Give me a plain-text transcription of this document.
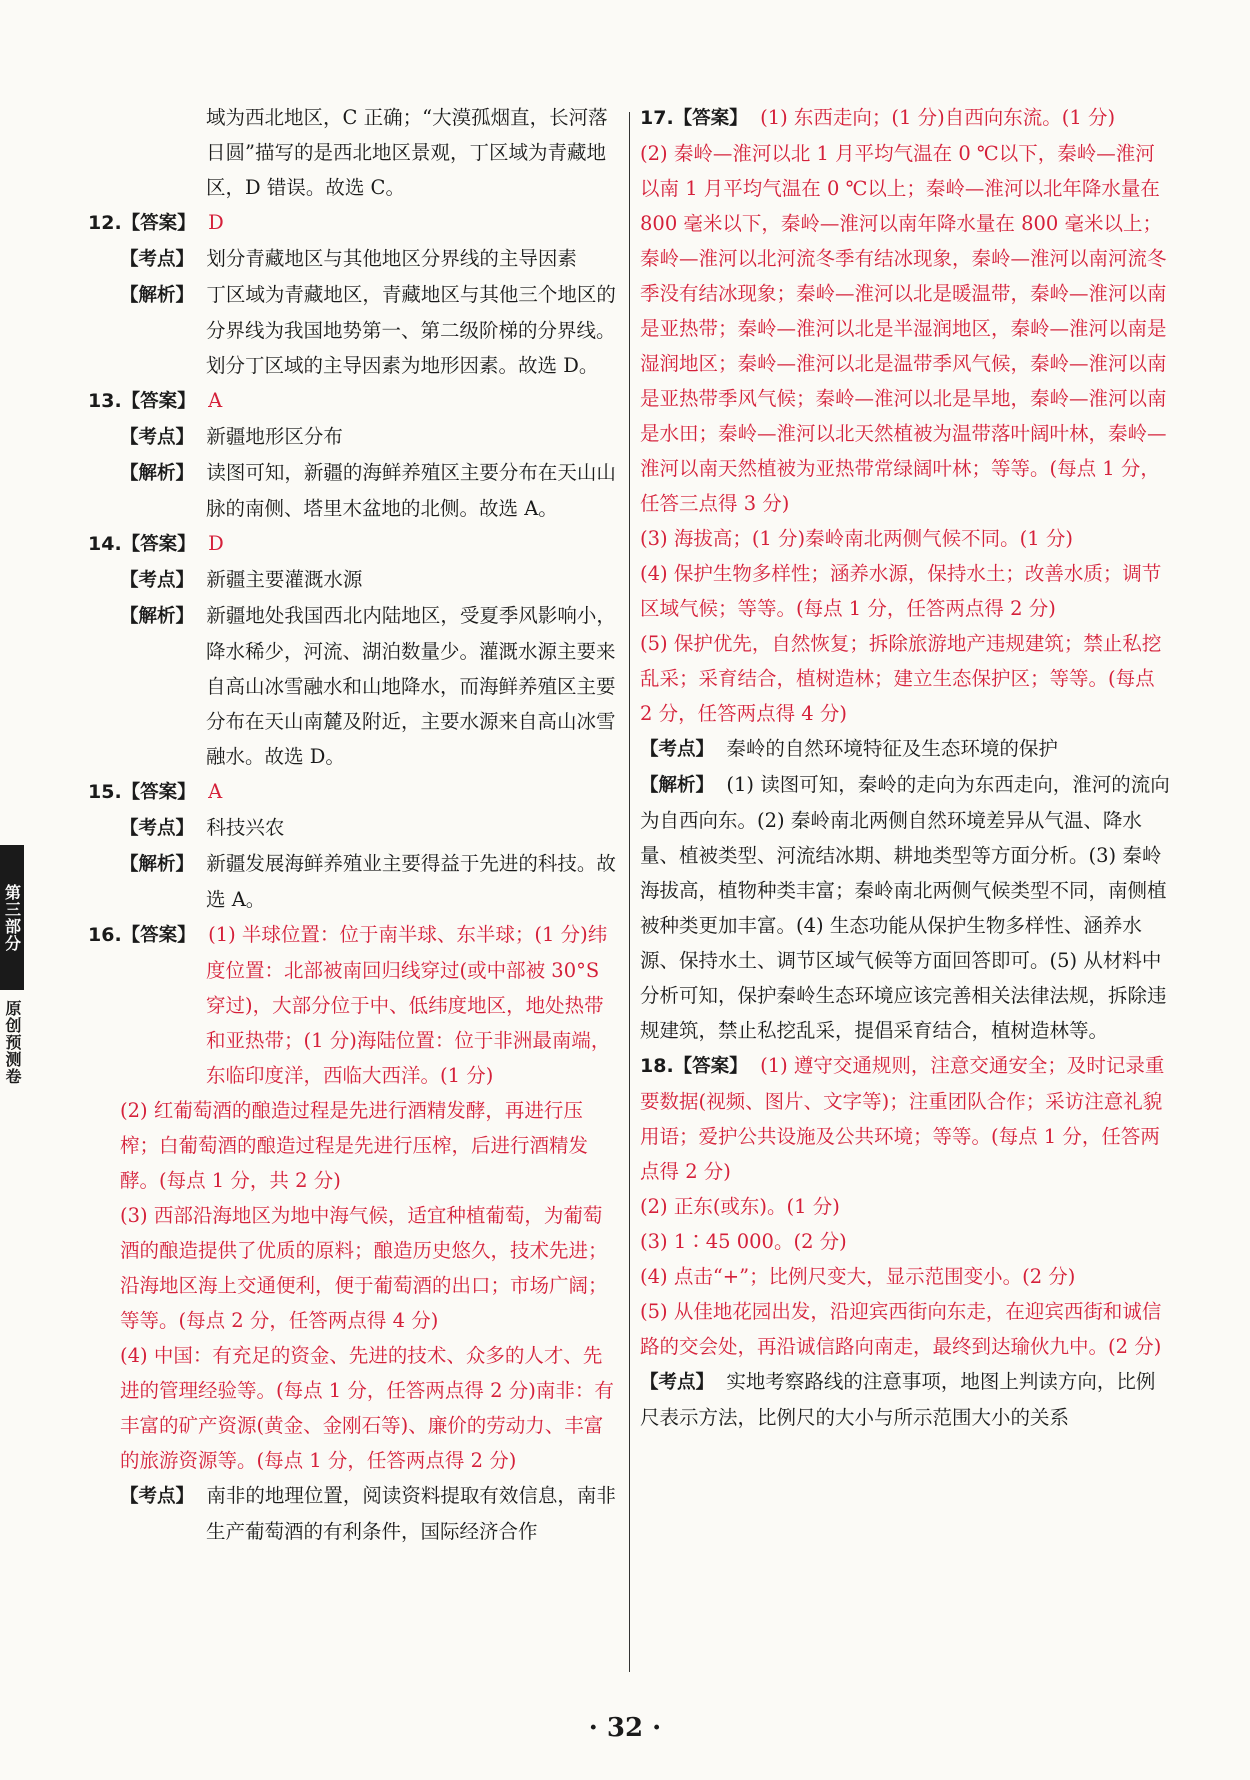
第三部分
原创预测卷

域为西北地区，C 正确；“大漠孤烟直，长河落日圆”描写的是西北地区景观，丁区域为青藏地区，D 错误。故选 C。

12.【答案】 D

【考点】 划分青藏地区与其他地区分界线的主导因素

【解析】 丁区域为青藏地区，青藏地区与其他三个地区的分界线为我国地势第一、第二级阶梯的分界线。划分丁区域的主导因素为地形因素。故选 D。

13.【答案】 A

【考点】 新疆地形区分布

【解析】 读图可知，新疆的海鲜养殖区主要分布在天山山脉的南侧、塔里木盆地的北侧。故选 A。

14.【答案】 D

【考点】 新疆主要灌溉水源

【解析】 新疆地处我国西北内陆地区，受夏季风影响小，降水稀少，河流、湖泊数量少。灌溉水源主要来自高山冰雪融水和山地降水，而海鲜养殖区主要分布在天山南麓及附近，主要水源来自高山冰雪融水。故选 D。

15.【答案】 A

【考点】 科技兴农

【解析】 新疆发展海鲜养殖业主要得益于先进的科技。故选 A。

16.【答案】 (1) 半球位置：位于南半球、东半球；(1 分)纬度位置：北部被南回归线穿过(或中部被 30°S 穿过)，大部分位于中、低纬度地区，地处热带和亚热带；(1 分)海陆位置：位于非洲最南端，东临印度洋，西临大西洋。(1 分)

(2) 红葡萄酒的酿造过程是先进行酒精发酵，再进行压榨；白葡萄酒的酿造过程是先进行压榨，后进行酒精发酵。(每点 1 分，共 2 分)

(3) 西部沿海地区为地中海气候，适宜种植葡萄，为葡萄酒的酿造提供了优质的原料；酿造历史悠久，技术先进；沿海地区海上交通便利，便于葡萄酒的出口；市场广阔；等等。(每点 2 分，任答两点得 4 分)

(4) 中国：有充足的资金、先进的技术、众多的人才、先进的管理经验等。(每点 1 分，任答两点得 2 分)南非：有丰富的矿产资源(黄金、金刚石等)、廉价的劳动力、丰富的旅游资源等。(每点 1 分，任答两点得 2 分)

【考点】 南非的地理位置，阅读资料提取有效信息，南非生产葡萄酒的有利条件，国际经济合作

17.【答案】 (1) 东西走向；(1 分)自西向东流。(1 分)

(2) 秦岭—淮河以北 1 月平均气温在 0 ℃以下，秦岭—淮河以南 1 月平均气温在 0 ℃以上；秦岭—淮河以北年降水量在 800 毫米以下，秦岭—淮河以南年降水量在 800 毫米以上；秦岭—淮河以北河流冬季有结冰现象，秦岭—淮河以南河流冬季没有结冰现象；秦岭—淮河以北是暖温带，秦岭—淮河以南是亚热带；秦岭—淮河以北是半湿润地区，秦岭—淮河以南是湿润地区；秦岭—淮河以北是温带季风气候，秦岭—淮河以南是亚热带季风气候；秦岭—淮河以北是旱地，秦岭—淮河以南是水田；秦岭—淮河以北天然植被为温带落叶阔叶林，秦岭—淮河以南天然植被为亚热带常绿阔叶林；等等。(每点 1 分，任答三点得 3 分)

(3) 海拔高；(1 分)秦岭南北两侧气候不同。(1 分)

(4) 保护生物多样性；涵养水源，保持水土；改善水质；调节区域气候；等等。(每点 1 分，任答两点得 2 分)

(5) 保护优先，自然恢复；拆除旅游地产违规建筑；禁止私挖乱采；采育结合，植树造林；建立生态保护区；等等。(每点 2 分，任答两点得 4 分)

【考点】 秦岭的自然环境特征及生态环境的保护

【解析】 (1) 读图可知，秦岭的走向为东西走向，淮河的流向为自西向东。(2) 秦岭南北两侧自然环境差异从气温、降水量、植被类型、河流结冰期、耕地类型等方面分析。(3) 秦岭海拔高，植物种类丰富；秦岭南北两侧气候类型不同，南侧植被种类更加丰富。(4) 生态功能从保护生物多样性、涵养水源、保持水土、调节区域气候等方面回答即可。(5) 从材料中分析可知，保护秦岭生态环境应该完善相关法律法规，拆除违规建筑，禁止私挖乱采，提倡采育结合，植树造林等。

18.【答案】 (1) 遵守交通规则，注意交通安全；及时记录重要数据(视频、图片、文字等)；注重团队合作；采访注意礼貌用语；爱护公共设施及公共环境；等等。(每点 1 分，任答两点得 2 分)

(2) 正东(或东)。(1 分)

(3) 1∶45 000。(2 分)

(4) 点击“+”；比例尺变大，显示范围变小。(2 分)

(5) 从佳地花园出发，沿迎宾西街向东走，在迎宾西街和诚信路的交会处，再沿诚信路向南走，最终到达瑜伙九中。(2 分)

【考点】 实地考察路线的注意事项，地图上判读方向，比例尺表示方法，比例尺的大小与所示范围大小的关系

· 32 ·
